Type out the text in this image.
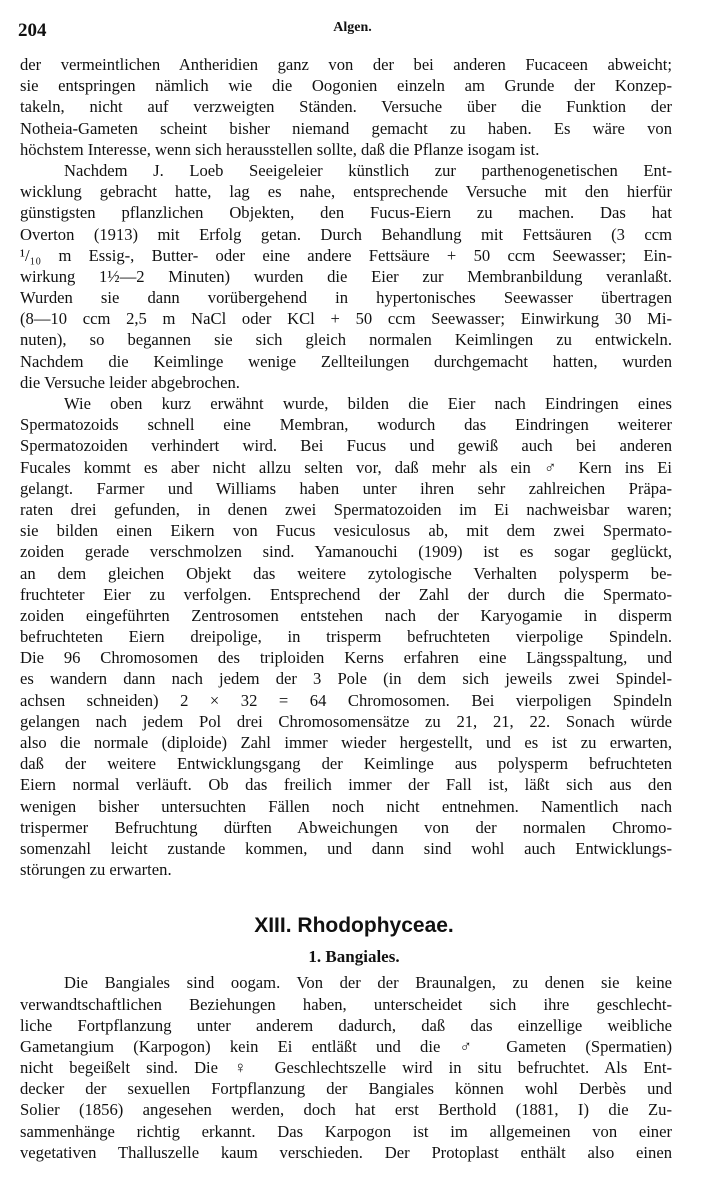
204	Algen.
der vermeintlichen Antheridien ganz von der bei anderen Fucaceen abweicht;
sie entspringen nämlich wie die Oogonien einzeln am Grunde der Konzep-
takeln, nicht auf verzweigten Ständen. Versuche über die Funktion der
Notheia-Gameten scheint bisher niemand gemacht zu haben. Es wäre von
höchstem Interesse, wenn sich herausstellen sollte, daß die Pflanze isogam ist.
Nachdem J. Loeb Seeigeleier künstlich zur parthenogenetischen Ent-
wicklung gebracht hatte, lag es nahe, entsprechende Versuche mit den hierfür
günstigsten pflanzlichen Objekten, den Fucus-Eiern zu machen. Das hat
Overton (1913) mit Erfolg getan. Durch Behandlung mit Fettsäuren (3 ccm
¹/₁₀ m Essig-, Butter- oder eine andere Fettsäure + 50 ccm Seewasser; Ein-
wirkung 1½—2 Minuten) wurden die Eier zur Membranbildung veranlaßt.
Wurden sie dann vorübergehend in hypertonisches Seewasser übertragen
(8—10 ccm 2,5 m NaCl oder KCl + 50 ccm Seewasser; Einwirkung 30 Mi-
nuten), so begannen sie sich gleich normalen Keimlingen zu entwickeln.
Nachdem die Keimlinge wenige Zellteilungen durchgemacht hatten, wurden
die Versuche leider abgebrochen.
Wie oben kurz erwähnt wurde, bilden die Eier nach Eindringen eines
Spermatozoids schnell eine Membran, wodurch das Eindringen weiterer
Spermatozoiden verhindert wird. Bei Fucus und gewiß auch bei anderen
Fucales kommt es aber nicht allzu selten vor, daß mehr als ein ♂ Kern ins Ei
gelangt. Farmer und Williams haben unter ihren sehr zahlreichen Präpa-
raten drei gefunden, in denen zwei Spermatozoiden im Ei nachweisbar waren;
sie bilden einen Eikern von Fucus vesiculosus ab, mit dem zwei Spermato-
zoiden gerade verschmolzen sind. Yamanouchi (1909) ist es sogar geglückt,
an dem gleichen Objekt das weitere zytologische Verhalten polysperm be-
fruchteter Eier zu verfolgen. Entsprechend der Zahl der durch die Spermato-
zoiden eingeführten Zentrosomen entstehen nach der Karyogamie in disperm
befruchteten Eiern dreipolige, in trisperm befruchteten vierpolige Spindeln.
Die 96 Chromosomen des triploiden Kerns erfahren eine Längsspaltung, und
es wandern dann nach jedem der 3 Pole (in dem sich jeweils zwei Spindel-
achsen schneiden) 2 × 32 = 64 Chromosomen. Bei vierpoligen Spindeln
gelangen nach jedem Pol drei Chromosomensätze zu 21, 21, 22. Sonach würde
also die normale (diploide) Zahl immer wieder hergestellt, und es ist zu erwarten,
daß der weitere Entwicklungsgang der Keimlinge aus polysperm befruchteten
Eiern normal verläuft. Ob das freilich immer der Fall ist, läßt sich aus den
wenigen bisher untersuchten Fällen noch nicht entnehmen. Namentlich nach
trispermer Befruchtung dürften Abweichungen von der normalen Chromo-
somenzahl leicht zustande kommen, und dann sind wohl auch Entwicklungs-
störungen zu erwarten.
XIII. Rhodophyceae.
1. Bangiales.
Die Bangiales sind oogam. Von der der Braunalgen, zu denen sie keine
verwandtschaftlichen Beziehungen haben, unterscheidet sich ihre geschlecht-
liche Fortpflanzung unter anderem dadurch, daß das einzellige weibliche
Gametangium (Karpogon) kein Ei entläßt und die ♂ Gameten (Spermatien)
nicht begeißelt sind. Die ♀ Geschlechtszelle wird in situ befruchtet. Als Ent-
decker der sexuellen Fortpflanzung der Bangiales können wohl Derbès und
Solier (1856) angesehen werden, doch hat erst Berthold (1881, I) die Zu-
sammenhänge richtig erkannt. Das Karpogon ist im allgemeinen von einer
vegetativen Thalluszelle kaum verschieden. Der Protoplast enthält also einen
